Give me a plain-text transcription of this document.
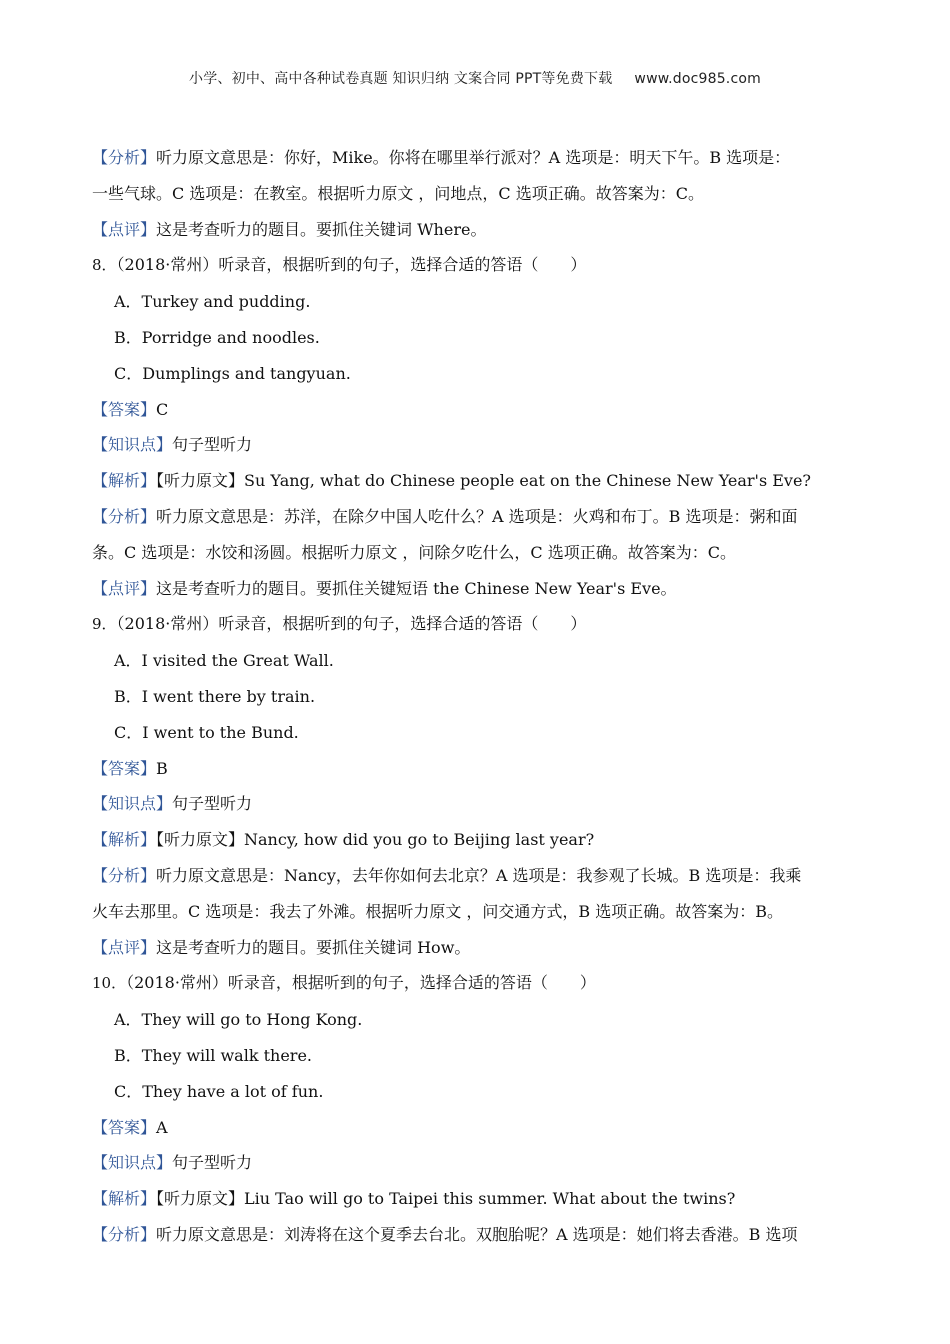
小学、初中、高中各种试卷真题 知识归纳 文案合同 PPT等免费下载 www.doc985.com
【分析】听力原文意思是：你好，Mike。你将在哪里举行派对？A 选项是：明天下午。B 选项是：
一些气球。C 选项是：在教室。根据听力原文 ，问地点，C 选项正确。故答案为：C。
【点评】这是考查听力的题目。要抓住关键词 Where。
8．（2018·常州）听录音，根据听到的句子，选择合适的答语（　　）
A．Turkey and pudding.
B．Porridge and noodles.
C．Dumplings and tangyuan.
【答案】C
【知识点】句子型听力
【解析】【听力原文】Su Yang, what do Chinese people eat on the Chinese New Year's Eve?
【分析】听力原文意思是：苏洋，在除夕中国人吃什么？A 选项是：火鸡和布丁。B 选项是：粥和面
条。C 选项是：水饺和汤圆。根据听力原文 ，问除夕吃什么，C 选项正确。故答案为：C。
【点评】这是考查听力的题目。要抓住关键短语 the Chinese New Year's Eve。
9．（2018·常州）听录音，根据听到的句子，选择合适的答语（　　）
A．I visited the Great Wall.
B．I went there by train.
C．I went to the Bund.
【答案】B
【知识点】句子型听力
【解析】【听力原文】Nancy, how did you go to Beijing last year?
【分析】听力原文意思是：Nancy，去年你如何去北京？A 选项是：我参观了长城。B 选项是：我乘
火车去那里。C 选项是：我去了外滩。根据听力原文 ，问交通方式，B 选项正确。故答案为：B。
【点评】这是考查听力的题目。要抓住关键词 How。
10．（2018·常州）听录音，根据听到的句子，选择合适的答语（　　）
A．They will go to Hong Kong.
B．They will walk there.
C．They have a lot of fun.
【答案】A
【知识点】句子型听力
【解析】【听力原文】Liu Tao will go to Taipei this summer. What about the twins?
【分析】听力原文意思是：刘涛将在这个夏季去台北。双胞胎呢？A 选项是：她们将去香港。B 选项
